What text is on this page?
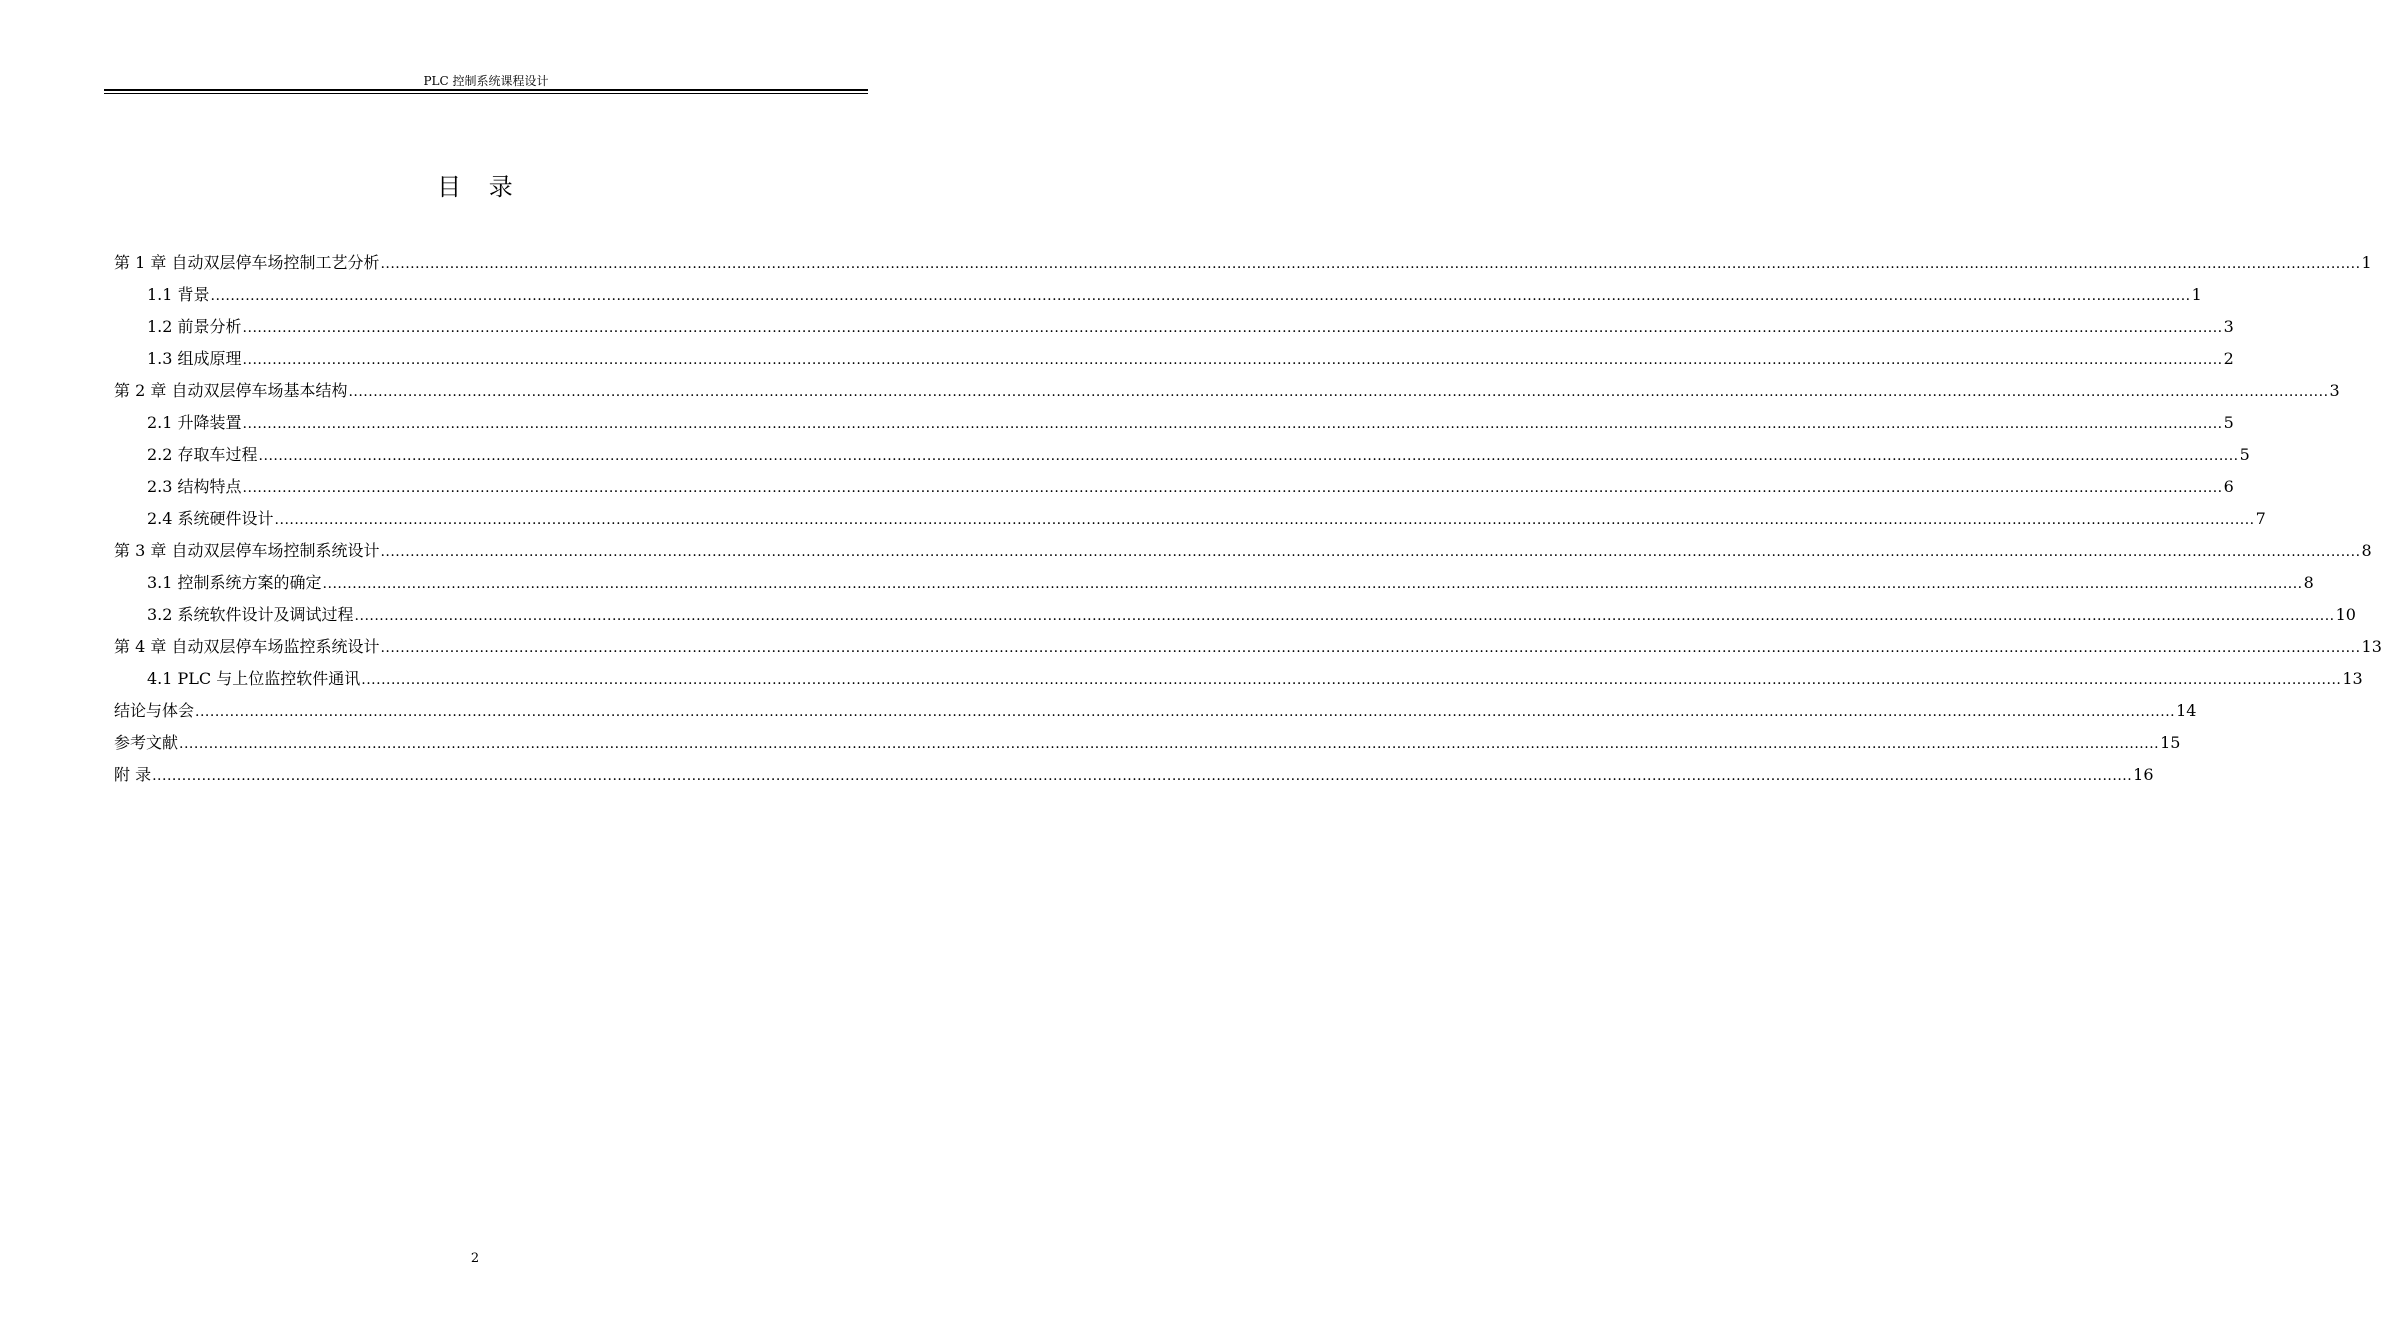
PLC 控制系统课程设计
目 录
第 1 章 自动双层停车场控制工艺分析 ................................................................................................................................................................................................................................................................................................................................................................................................................ 1
1.1 背景 ................................................................................................................................................................................................................................................................................................................................................................................................................ 1
1.2 前景分析 ................................................................................................................................................................................................................................................................................................................................................................................................................ 3
1.3 组成原理 ................................................................................................................................................................................................................................................................................................................................................................................................................ 2
第 2 章 自动双层停车场基本结构 ................................................................................................................................................................................................................................................................................................................................................................................................................ 3
2.1 升降装置 ................................................................................................................................................................................................................................................................................................................................................................................................................ 5
2.2 存取车过程 ................................................................................................................................................................................................................................................................................................................................................................................................................ 5
2.3 结构特点 ................................................................................................................................................................................................................................................................................................................................................................................................................ 6
2.4 系统硬件设计 ................................................................................................................................................................................................................................................................................................................................................................................................................ 7
第 3 章 自动双层停车场控制系统设计 ................................................................................................................................................................................................................................................................................................................................................................................................................ 8
3.1 控制系统方案的确定 ................................................................................................................................................................................................................................................................................................................................................................................................................ 8
3.2 系统软件设计及调试过程 ................................................................................................................................................................................................................................................................................................................................................................................................................ 10
第 4 章 自动双层停车场监控系统设计 ................................................................................................................................................................................................................................................................................................................................................................................................................ 13
4.1 PLC 与上位监控软件通讯 ................................................................................................................................................................................................................................................................................................................................................................................................................ 13
结论与体会 ................................................................................................................................................................................................................................................................................................................................................................................................................ 14
参考文献 ................................................................................................................................................................................................................................................................................................................................................................................................................ 15
附 录 ................................................................................................................................................................................................................................................................................................................................................................................................................ 16
2
